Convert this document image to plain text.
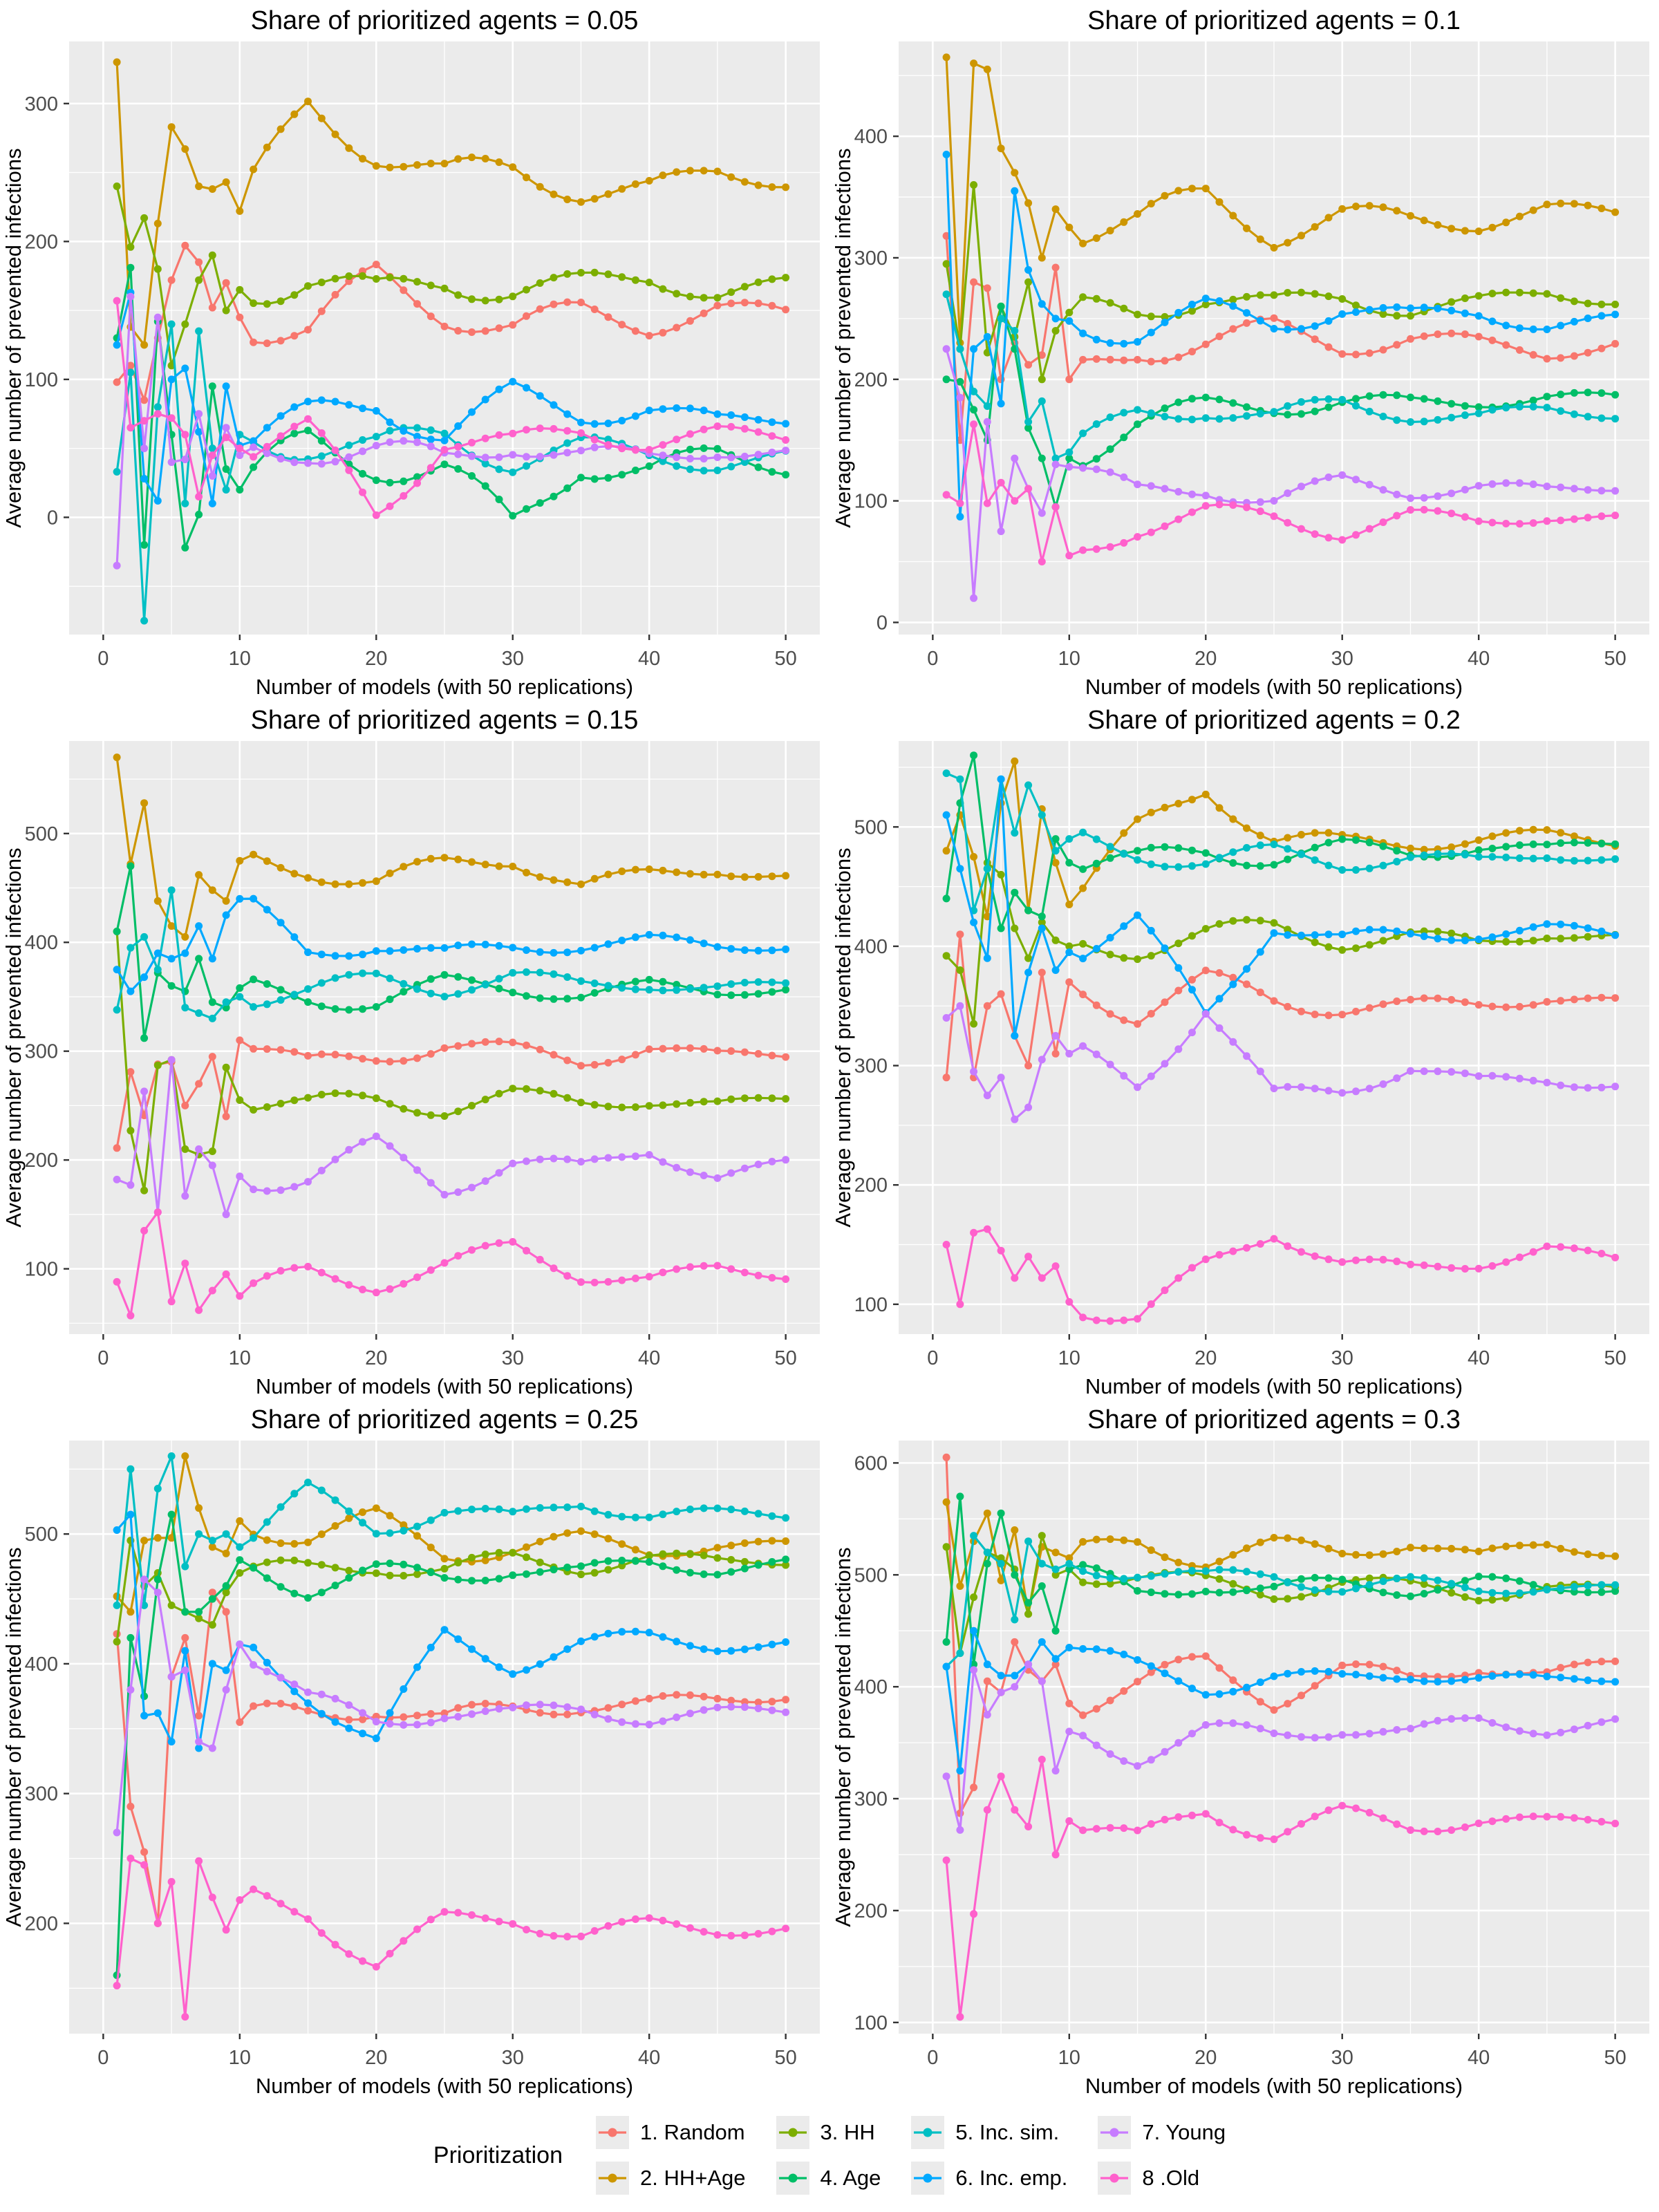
0
100
200
300
0	10	20	30	40	50
Share of prioritized agents = 0.05
Average number of prevented infections
Number of models (with 50 replications)
0
100
200
300
400
0	10	20	30	40	50
Share of prioritized agents = 0.1
Average number of prevented infections
Number of models (with 50 replications)
100
200
300
400
500
0	10	20	30	40	50
Share of prioritized agents = 0.15
Average number of prevented infections
Number of models (with 50 replications)
100
200
300
400
500
0	10	20	30	40	50
Share of prioritized agents = 0.2
Average number of prevented infections
Number of models (with 50 replications)
200
300
400
500
0	10	20	30	40	50
Share of prioritized agents = 0.25
Average number of prevented infections
Number of models (with 50 replications)
100
200
300
400
500
600
0	10	20	30	40	50
Share of prioritized agents = 0.3
Average number of prevented infections
Number of models (with 50 replications)
Prioritization
1. Random
2. HH+Age
3. HH
4. Age
5. Inc. sim.
6. Inc. emp.
7. Young
8 .Old
